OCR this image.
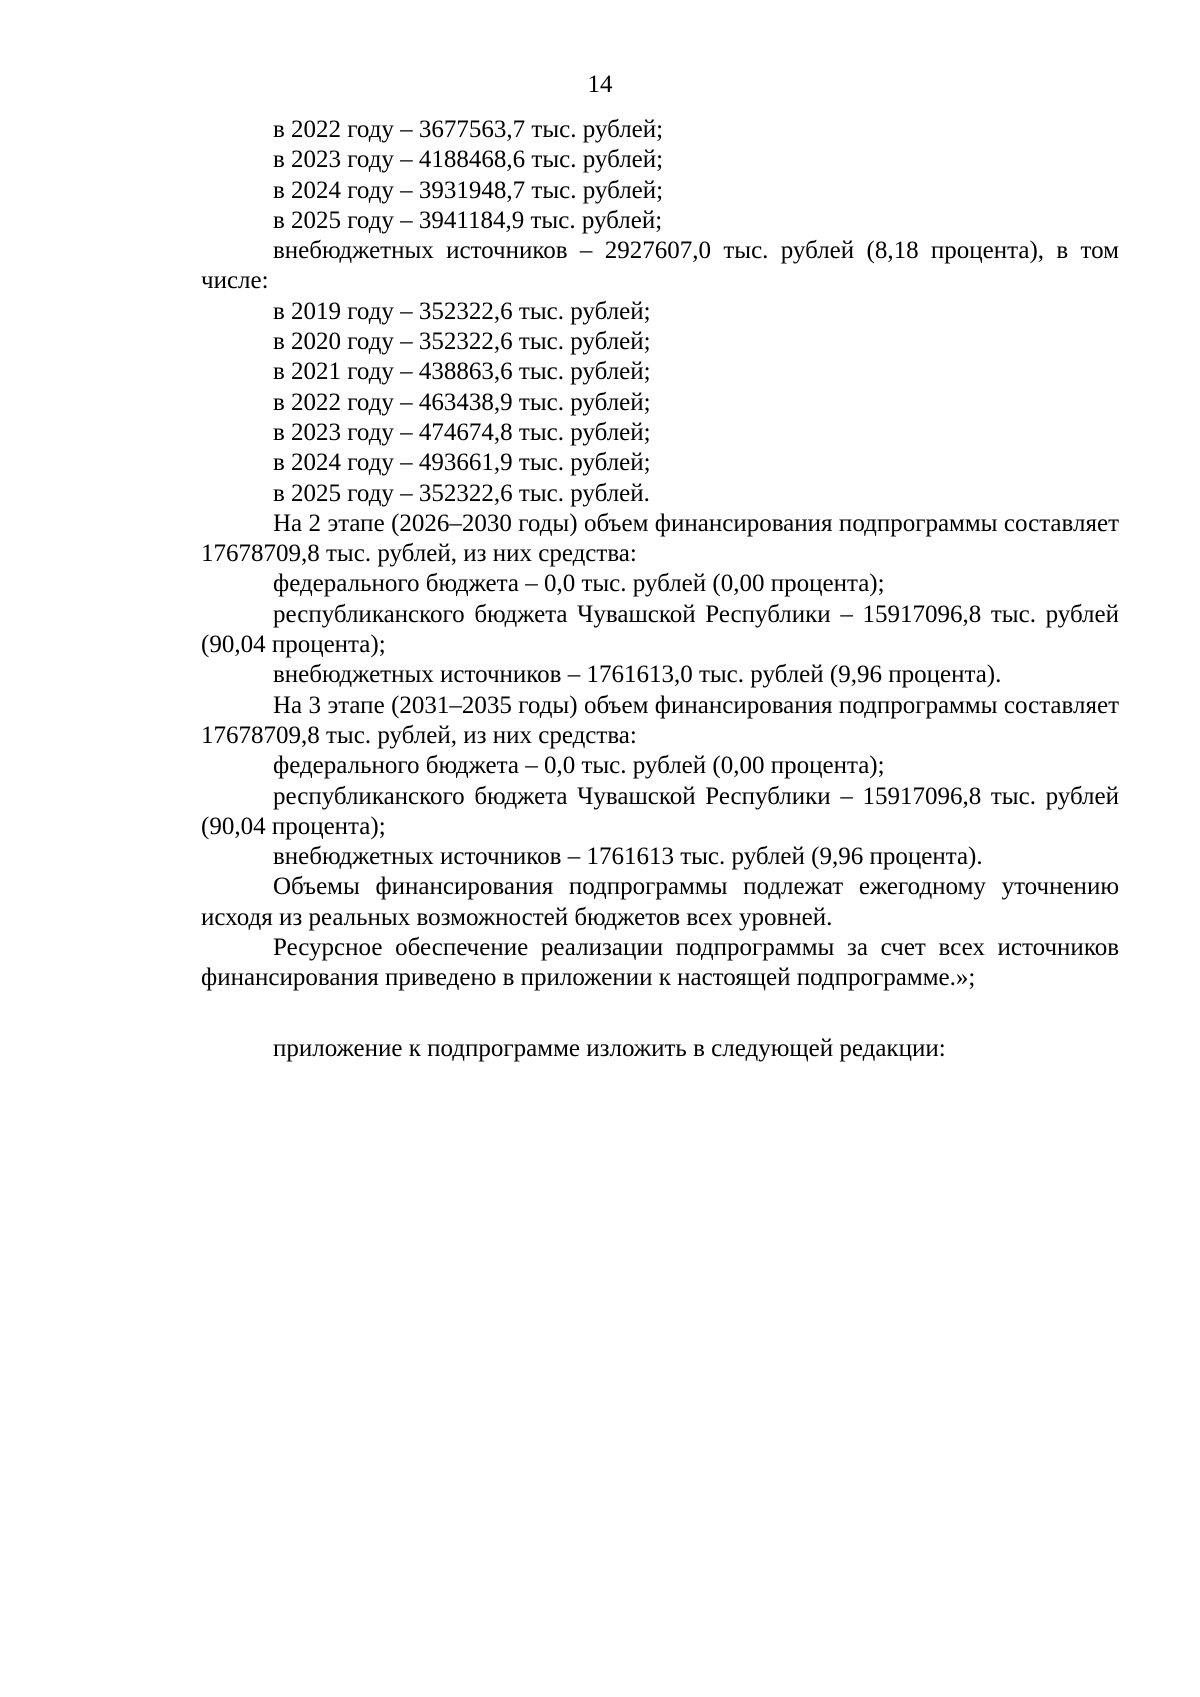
14

в 2022 году – 3677563,7 тыс. рублей;

в 2023 году – 4188468,6 тыс. рублей;

в 2024 году – 3931948,7 тыс. рублей;

в 2025 году – 3941184,9 тыс. рублей;

внебюджетных источников – 2927607,0 тыс. рублей (8,18 процента), в том числе:

в 2019 году – 352322,6 тыс. рублей;

в 2020 году – 352322,6 тыс. рублей;

в 2021 году – 438863,6 тыс. рублей;

в 2022 году – 463438,9 тыс. рублей;

в 2023 году – 474674,8 тыс. рублей;

в 2024 году – 493661,9 тыс. рублей;

в 2025 году – 352322,6 тыс. рублей.

На 2 этапе (2026–2030 годы) объем финансирования подпрограммы составляет 17678709,8 тыс. рублей, из них средства:

федерального бюджета – 0,0 тыс. рублей (0,00 процента);

республиканского бюджета Чувашской Республики – 15917096,8 тыс. рублей (90,04 процента);

внебюджетных источников – 1761613,0 тыс. рублей (9,96 процента).

На 3 этапе (2031–2035 годы) объем финансирования подпрограммы составляет 17678709,8 тыс. рублей, из них средства:

федерального бюджета – 0,0 тыс. рублей (0,00 процента);

республиканского бюджета Чувашской Республики – 15917096,8 тыс. рублей (90,04 процента);

внебюджетных источников – 1761613 тыс. рублей (9,96 процента).

Объемы финансирования подпрограммы подлежат ежегодному уточнению исходя из реальных возможностей бюджетов всех уровней.

Ресурсное обеспечение реализации подпрограммы за счет всех источников финансирования приведено в приложении к настоящей подпрограмме.»;

приложение к подпрограмме изложить в следующей редакции:
